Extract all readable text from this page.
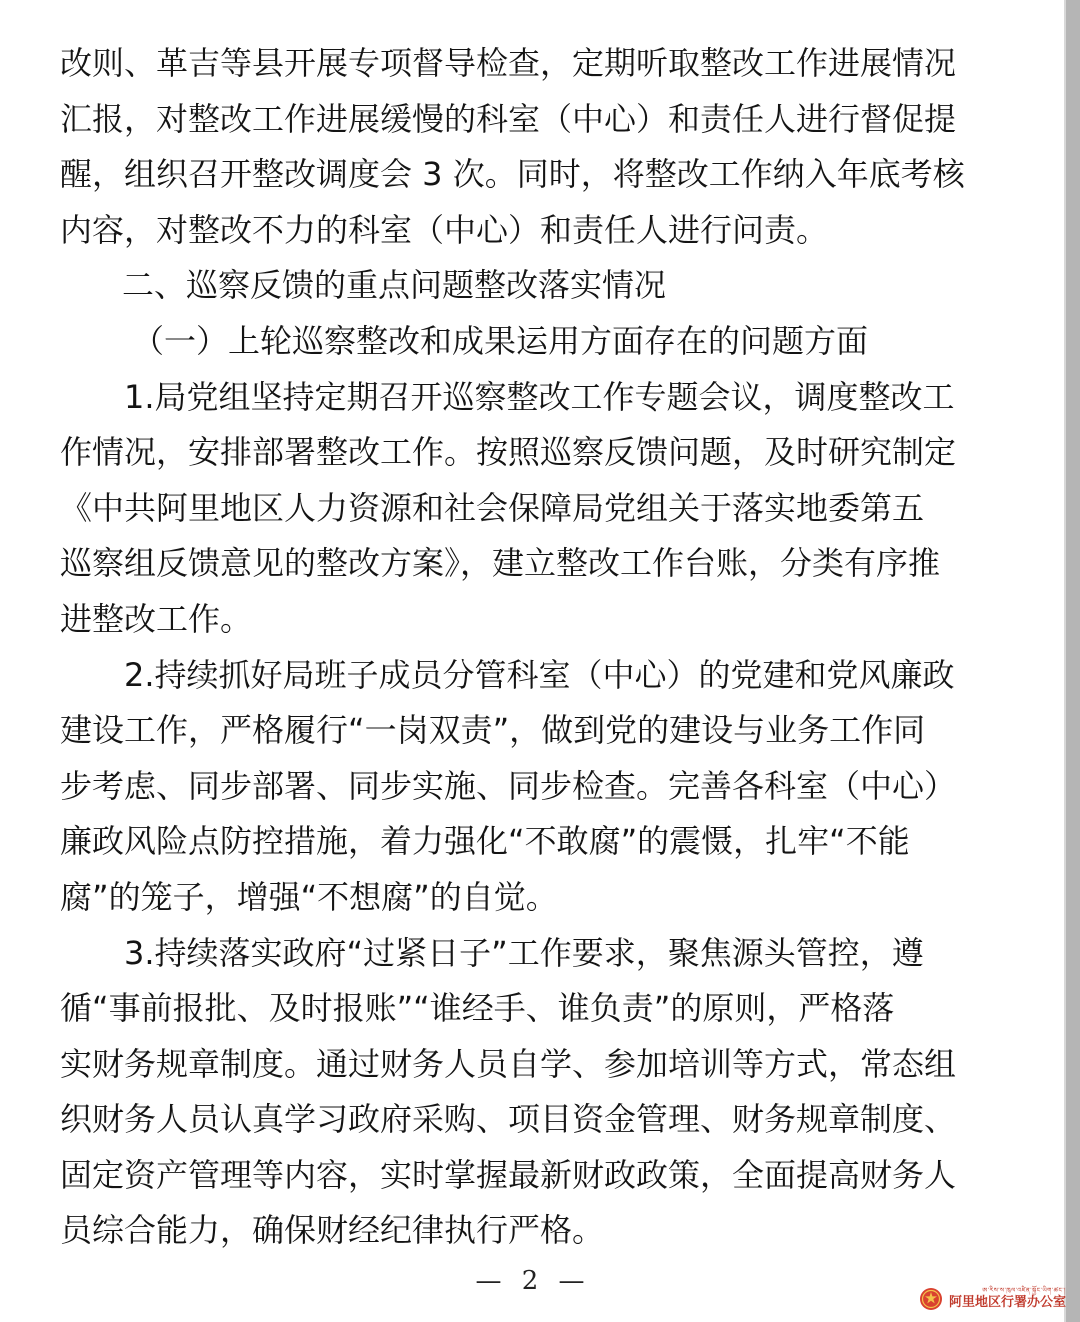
改则、革吉等县开展专项督导检查，定期听取整改工作进展情况
汇报，对整改工作进展缓慢的科室（中心）和责任人进行督促提
醒，组织召开整改调度会 3 次。同时，将整改工作纳入年底考核
内容，对整改不力的科室（中心）和责任人进行问责。
二、巡察反馈的重点问题整改落实情况
（一）上轮巡察整改和成果运用方面存在的问题方面
1.局党组坚持定期召开巡察整改工作专题会议，调度整改工
作情况，安排部署整改工作。按照巡察反馈问题，及时研究制定
《中共阿里地区人力资源和社会保障局党组关于落实地委第五
巡察组反馈意见的整改方案》，建立整改工作台账，分类有序推
进整改工作。
2.持续抓好局班子成员分管科室（中心）的党建和党风廉政
建设工作，严格履行“一岗双责”，做到党的建设与业务工作同
步考虑、同步部署、同步实施、同步检查。完善各科室（中心）
廉政风险点防控措施，着力强化“不敢腐”的震慑，扎牢“不能
腐”的笼子，增强“不想腐”的自觉。
3.持续落实政府“过紧日子”工作要求，聚焦源头管控，遵
循“事前报批、及时报账”“谁经手、谁负责”的原则，严格落
实财务规章制度。通过财务人员自学、参加培训等方式，常态组
织财务人员认真学习政府采购、项目资金管理、财务规章制度、
固定资产管理等内容，实时掌握最新财政政策，全面提高财务人
员综合能力，确保财经纪律执行严格。
— 2 —	ཨ་རིས་ས་ཁུལ་འཛིན་སྐྱོང་ཡིག་ཚང་།
阿里地区行署办公室
